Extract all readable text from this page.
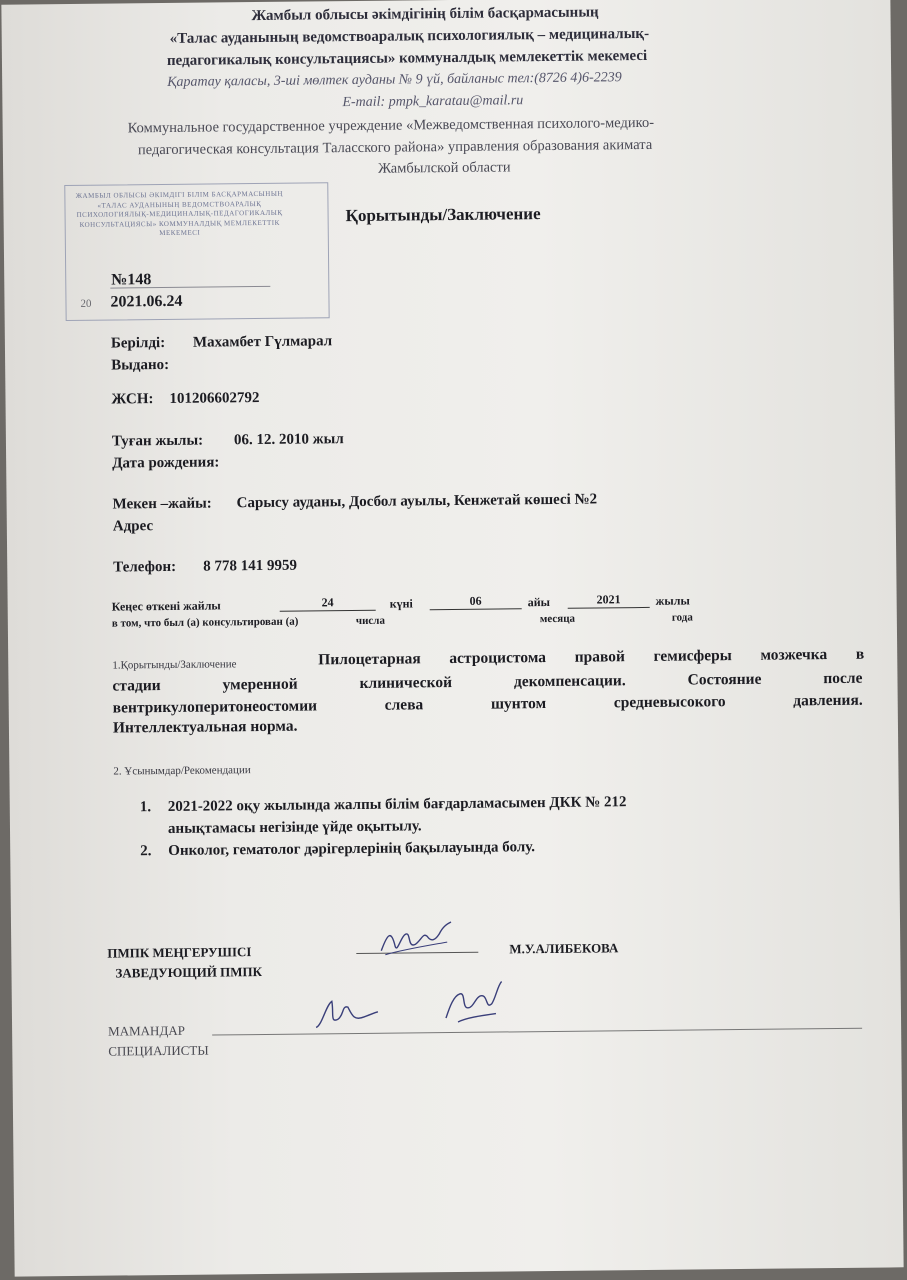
Жамбыл облысы әкімдігінің білім басқармасының
«Талас ауданының ведомствоаралық психологиялық – медициналық-
педагогикалық консультациясы» коммуналдық мемлекеттік мекемесі
Қаратау қаласы, 3-ші мөлтек ауданы № 9 үй, байланыс тел:(8726 4)6-2239
E-mail: pmpk_karatau@mail.ru
Коммунальное государственное учреждение «Межведомственная психолого-медико-
педагогическая консультация Таласского района» управления образования акимата
Жамбылской области
ЖАМБЫЛ ОБЛЫСЫ ӘКІМДІГІ БІЛІМ БАСҚАРМАСЫНЫҢ «ТАЛАС АУДАНЫНЫҢ ВЕДОМСТВОАРАЛЫҚ ПСИХОЛОГИЯЛЫҚ-МЕДИЦИНАЛЫҚ-ПЕДАГОГИКАЛЫҚ КОНСУЛЬТАЦИЯСЫ» КОММУНАЛДЫҚ МЕМЛЕКЕТТІК МЕКЕМЕСІ
№148
20 2021.06.24
Қорытынды/Заключение
Берілді: Махамбет Гүлмарал
Выдано:
ЖСН: 101206602792
Туған жылы: 06. 12. 2010 жыл
Дата рождения:
Мекен –жайы: Сарысу ауданы, Досбол ауылы, Кенжетай көшесі №2
Адрес
Телефон: 8 778 141 9959
Кеңес өткені жайлы	24	күні	06	айы	2021	жылы
в том, что был (а) консультирован (а)	числа	месяца	года
1.Қорытынды/Заключение	Пилоцетарная астроцистома правой гемисферы мозжечка в
стадии умеренной клинической декомпенсации. Состояние после
вентрикулоперитонеостомии слева шунтом средневысокого давления.
Интеллектуальная норма.
2. Ұсынымдар/Рекомендации
1. 2021-2022 оқу жылында жалпы білім бағдарламасымен ДКК № 212
анықтамасы негізінде үйде оқытылу.
2. Онколог, гематолог дәрігерлерінің бақылауында болу.
ПМПК МЕҢГЕРУШІСІ
ЗАВЕДУЮЩИЙ ПМПК
М.У.АЛИБЕКОВА
МАМАНДАР
СПЕЦИАЛИСТЫ
